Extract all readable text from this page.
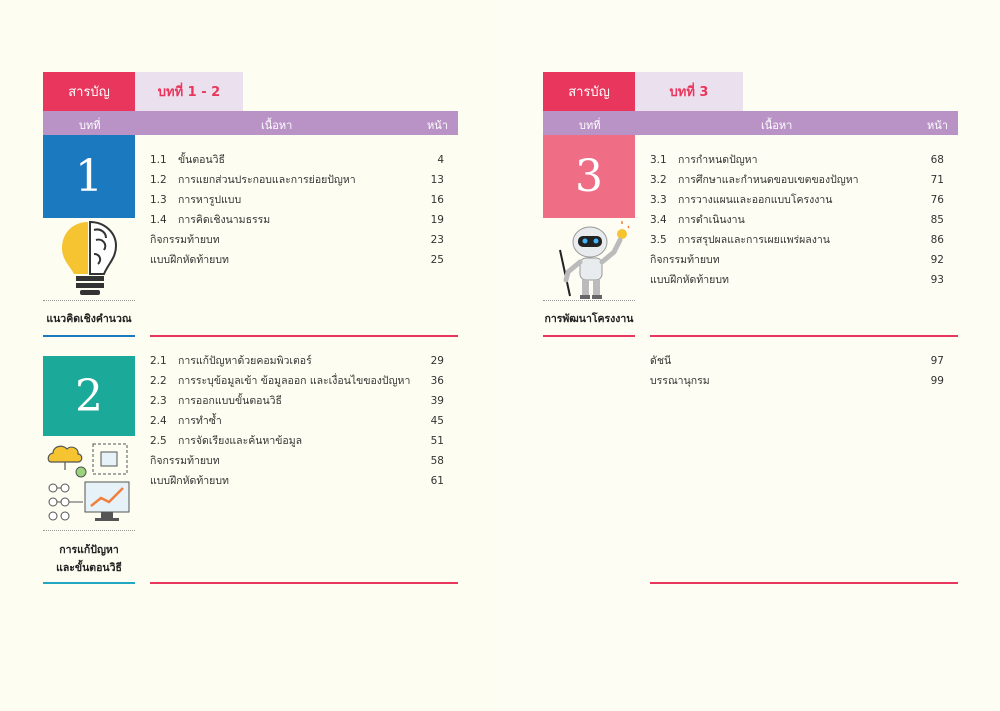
สารบัญ	บทที่ 1 - 2
บทที่	เนื้อหา	หน้า
1
แนวคิดเชิงคำนวณ
1.1 ขั้นตอนวิธี	4
1.2 การแยกส่วนประกอบและการย่อยปัญหา	13
1.3 การหารูปแบบ	16
1.4 การคิดเชิงนามธรรม	19
กิจกรรมท้ายบท	23
แบบฝึกหัดท้ายบท	25
2
การแก้ปัญหา
และขั้นตอนวิธี
2.1 การแก้ปัญหาด้วยคอมพิวเตอร์	29
2.2 การระบุข้อมูลเข้า ข้อมูลออก และเงื่อนไขของปัญหา 36
2.3 การออกแบบขั้นตอนวิธี	39
2.4 การทำซ้ำ	45
2.5 การจัดเรียงและค้นหาข้อมูล	51
กิจกรรมท้ายบท	58
แบบฝึกหัดท้ายบท	61
สารบัญ	บทที่ 3
บทที่	เนื้อหา	หน้า
3
การพัฒนาโครงงาน
3.1 การกำหนดปัญหา	68
3.2 การศึกษาและกำหนดขอบเขตของปัญหา	71
3.3 การวางแผนและออกแบบโครงงาน	76
3.4 การดำเนินงาน	85
3.5 การสรุปผลและการเผยแพร่ผลงาน	86
กิจกรรมท้ายบท	92
แบบฝึกหัดท้ายบท	93
ดัชนี	97
บรรณานุกรม	99
